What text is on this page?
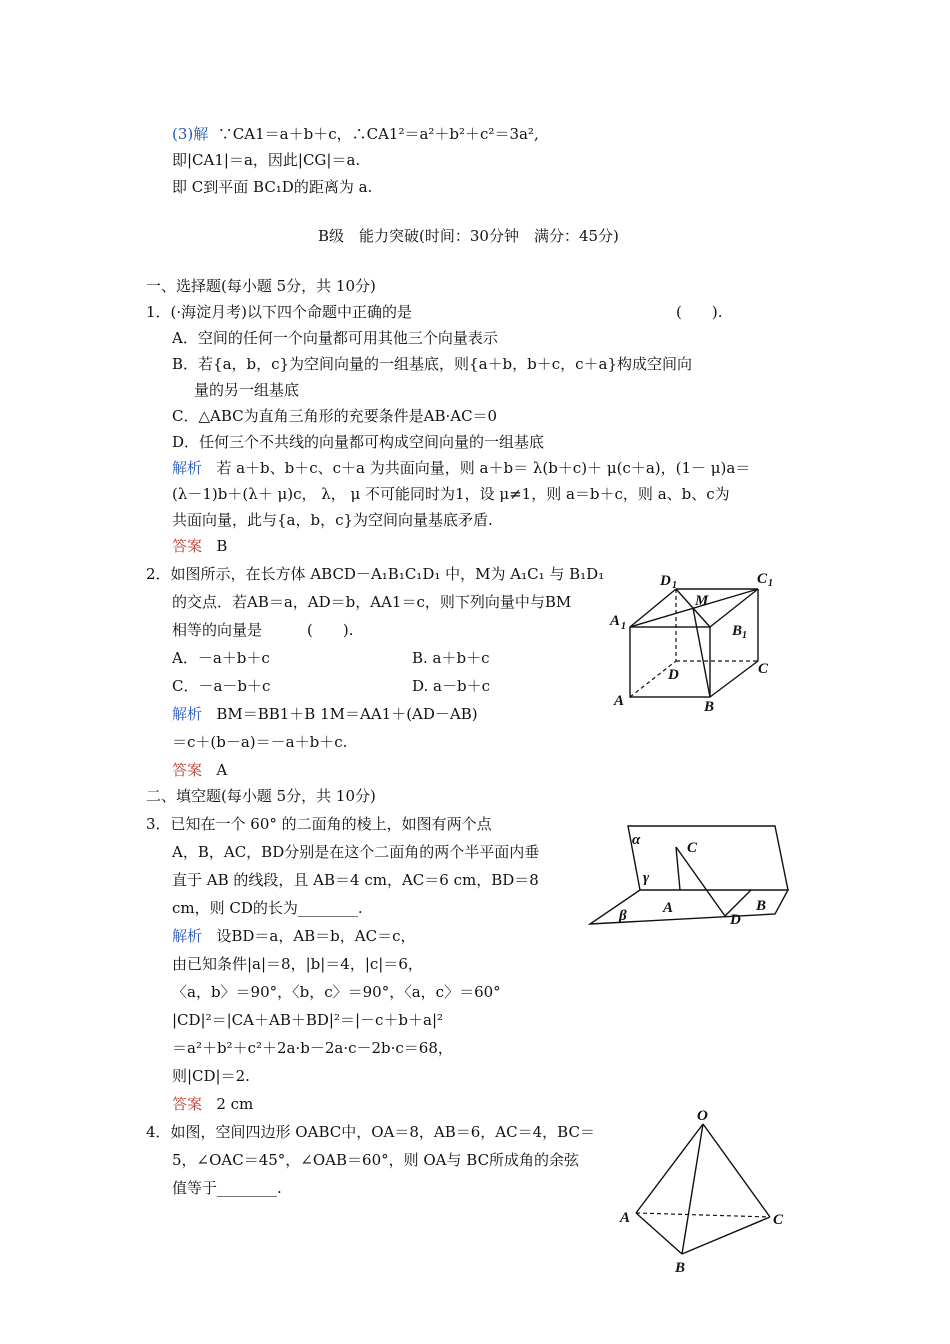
(3)解 ∵CA1＝a＋b＋c，∴CA1²＝a²＋b²＋c²＝3a²,
即|CA1|＝a，因此|CG|＝a.
即 C到平面 BC₁D的距离为 a.
B级　能力突破(时间：30分钟　满分：45分)
一、选择题(每小题 5分，共 10分)
1．(·海淀月考)以下四个命题中正确的是	(　　).
A．空间的任何一个向量都可用其他三个向量表示
B．若{a，b，c}为空间向量的一组基底，则{a＋b，b＋c，c＋a}构成空间向
量的另一组基底
C．△ABC为直角三角形的充要条件是AB·AC＝0
D．任何三个不共线的向量都可构成空间向量的一组基底
解析 若 a＋b、b＋c、c＋a 为共面向量，则 a＋b＝ λ(b＋c)＋ μ(c＋a)，(1－ μ)a＝
(λ－1)b＋(λ＋ μ)c， λ， μ 不可能同时为1，设 μ≠1，则 a＝b＋c，则 a、b、c为
共面向量，此与{a，b，c}为空间向量基底矛盾.
答案 B
2．如图所示，在长方体 ABCD－A₁B₁C₁D₁ 中，M为 A₁C₁ 与 B₁D₁
的交点．若AB＝a，AD＝b，AA1＝c，则下列向量中与BM
相等的向量是　　　(　　).
A．－a＋b＋c	B. a＋b＋c
C．－a－b＋c	D. a－b＋c
解析 BM＝BB1＋B 1M＝AA1＋(AD－AB)
＝c＋(b－a)＝－a＋b＋c.
答案 A
D 1	C 1
M
A 1	B 1
C
D
A	B
二、填空题(每小题 5分，共 10分)
3．已知在一个 60° 的二面角的棱上，如图有两个点
A，B，AC，BD分别是在这个二面角的两个半平面内垂
直于 AB 的线段，且 AB＝4 cm，AC＝6 cm，BD＝8
cm，则 CD的长为________.
解析 设BD＝a，AB＝b，AC＝c，
由已知条件|a|＝8，|b|＝4，|c|＝6，
〈a，b〉＝90°，〈b，c〉＝90°，〈a，c〉＝60°
|CD|²＝|CA＋AB＋BD|²＝|－c＋b＋a|²
＝a²＋b²＋c²＋2a·b－2a·c－2b·c＝68，
则|CD|＝2.
答案 2 cm
α
γ
C
A
β	D
B
4．如图，空间四边形 OABC中，OA＝8，AB＝6，AC＝4，BC＝
5，∠OAC＝45°，∠OAB＝60°，则 OA与 BC所成角的余弦
值等于________.
O
A
B
C
